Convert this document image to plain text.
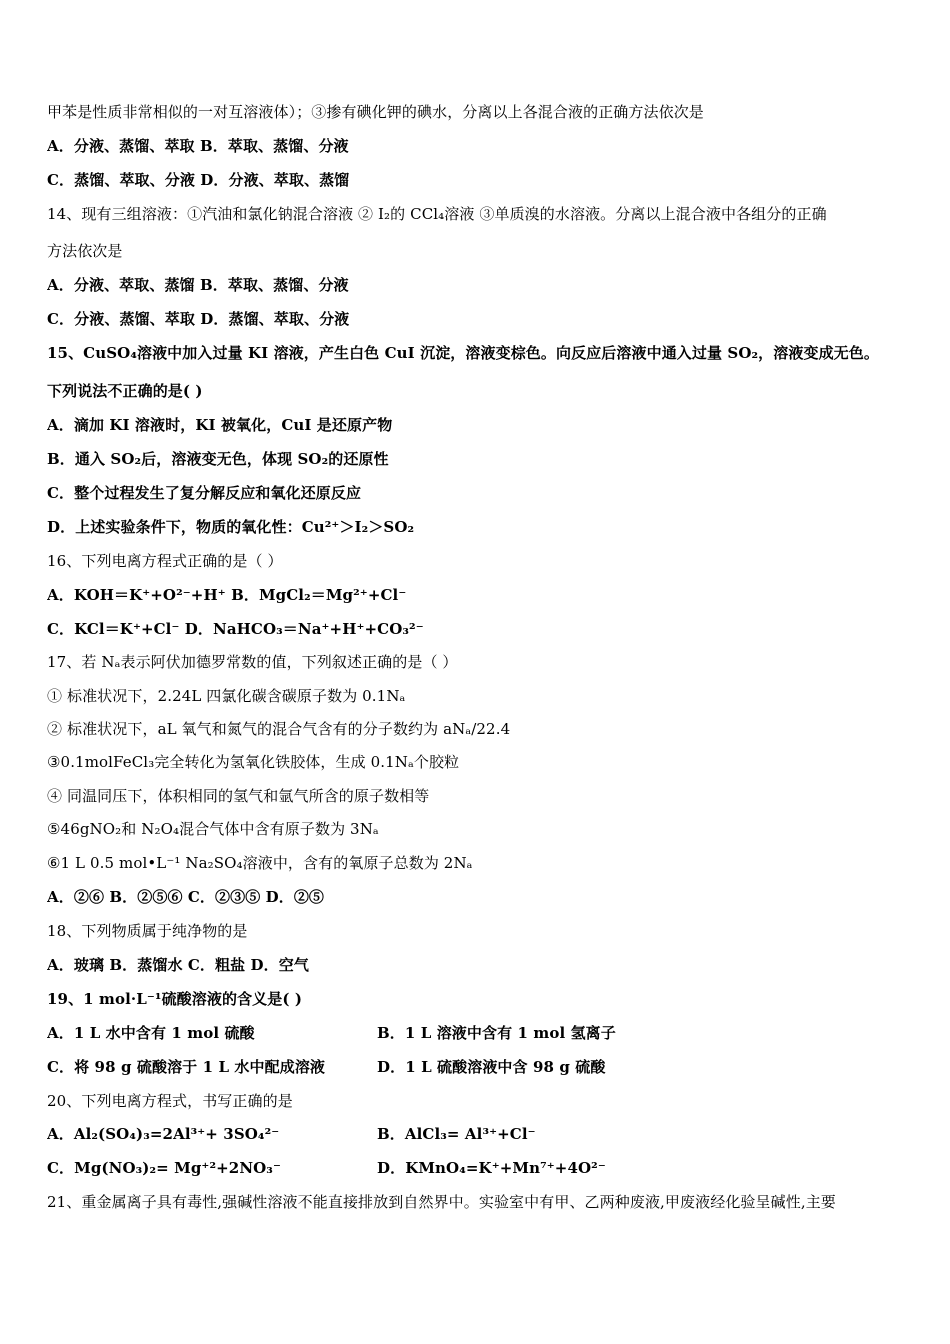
甲苯是性质非常相似的一对互溶液体）；③掺有碘化钾的碘水，分离以上各混合液的正确方法依次是
A．分液、蒸馏、萃取 B．萃取、蒸馏、分液
C．蒸馏、萃取、分液 D．分液、萃取、蒸馏
14、现有三组溶液：①汽油和氯化钠混合溶液 ② I₂的 CCl₄溶液 ③单质溴的水溶液。分离以上混合液中各组分的正确
方法依次是
A．分液、萃取、蒸馏 B．萃取、蒸馏、分液
C．分液、蒸馏、萃取 D．蒸馏、萃取、分液
15、CuSO₄溶液中加入过量 KI 溶液，产生白色 CuI 沉淀，溶液变棕色。向反应后溶液中通入过量 SO₂，溶液变成无色。
下列说法不正确的是( )
A．滴加 KI 溶液时，KI 被氧化，CuI 是还原产物
B．通入 SO₂后，溶液变无色，体现 SO₂的还原性
C．整个过程发生了复分解反应和氧化还原反应
D．上述实验条件下，物质的氧化性：Cu²⁺＞I₂＞SO₂
16、下列电离方程式正确的是（ ）
A．KOH＝K⁺+O²⁻+H⁺ B．MgCl₂＝Mg²⁺+Cl⁻
C．KCl＝K⁺+Cl⁻ D．NaHCO₃＝Na⁺+H⁺+CO₃²⁻
17、若 Nₐ表示阿伏加德罗常数的值，下列叙述正确的是（ ）
① 标准状况下，2.24L 四氯化碳含碳原子数为 0.1Nₐ
② 标准状况下，aL 氧气和氮气的混合气含有的分子数约为 aNₐ/22.4
③0.1molFeCl₃完全转化为氢氧化铁胶体，生成 0.1Nₐ个胶粒
④ 同温同压下，体积相同的氢气和氩气所含的原子数相等
⑤46gNO₂和 N₂O₄混合气体中含有原子数为 3Nₐ
⑥1 L 0.5 mol•L⁻¹ Na₂SO₄溶液中，含有的氧原子总数为 2Nₐ
A．②⑥ B．②⑤⑥ C．②③⑤ D．②⑤
18、下列物质属于纯净物的是
A．玻璃 B．蒸馏水 C．粗盐 D．空气
19、1 mol·L⁻¹硫酸溶液的含义是( )
A．1 L 水中含有 1 mol 硫酸	B．1 L 溶液中含有 1 mol 氢离子
C．将 98 g 硫酸溶于 1 L 水中配成溶液	D．1 L 硫酸溶液中含 98 g 硫酸
20、下列电离方程式，书写正确的是
A．Al₂(SO₄)₃=2Al³⁺+ 3SO₄²⁻	B．AlCl₃= Al³⁺+Cl⁻
C．Mg(NO₃)₂= Mg⁺²+2NO₃⁻	D．KMnO₄=K⁺+Mn⁷⁺+4O²⁻
21、重金属离子具有毒性,强碱性溶液不能直接排放到自然界中。实验室中有甲、乙两种废液,甲废液经化验呈碱性,主要
